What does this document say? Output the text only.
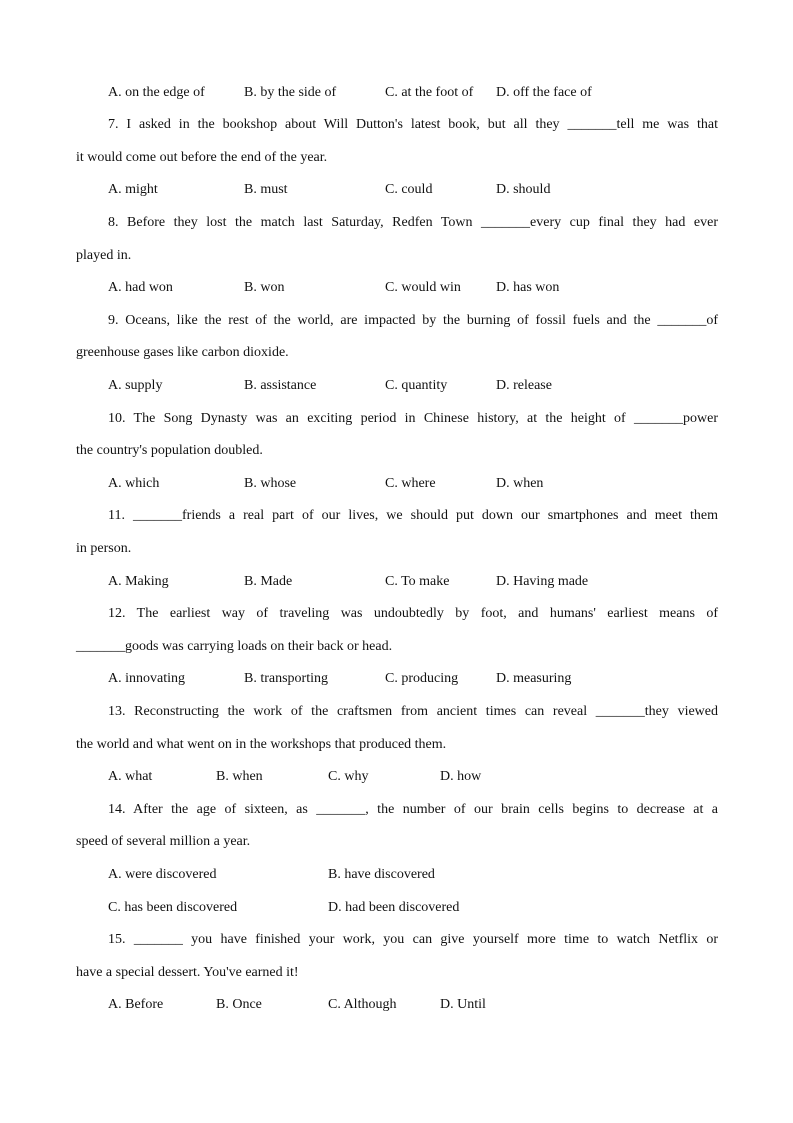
A. on the edge of	B. by the side of	C. at the foot of D. off the face of
7. I asked in the bookshop about Will Dutton's latest book, but all they _______tell me was that
it would come out before the end of the year.
A. might	B. must	C. could	D. should
8. Before they lost the match last Saturday, Redfen Town _______every cup final they had ever
played in.
A. had won	B. won	C. would win	D. has won
9. Oceans, like the rest of the world, are impacted by the burning of fossil fuels and the _______of
greenhouse gases like carbon dioxide.
A. supply	B. assistance	C. quantity	D. release
10. The Song Dynasty was an exciting period in Chinese history, at the height of _______power
the country's population doubled.
A. which	B. whose	C. where	D. when
11. _______friends a real part of our lives, we should put down our smartphones and meet them
in person.
A. Making	B. Made	C. To make	D. Having made
12. The earliest way of traveling was undoubtedly by foot, and humans' earliest means of
_______goods was carrying loads on their back or head.
A. innovating	B. transporting	C. producing	D. measuring
13. Reconstructing the work of the craftsmen from ancient times can reveal _______they viewed
the world and what went on in the workshops that produced them.
A. what	B. when	C. why	D. how
14. After the age of sixteen, as _______, the number of our brain cells begins to decrease at a
speed of several million a year.
A. were discovered	B. have discovered
C. has been discovered	D. had been discovered
15. _______ you have finished your work, you can give yourself more time to watch Netflix or
have a special dessert. You've earned it!
A. Before	B. Once	C. Although	D. Until
